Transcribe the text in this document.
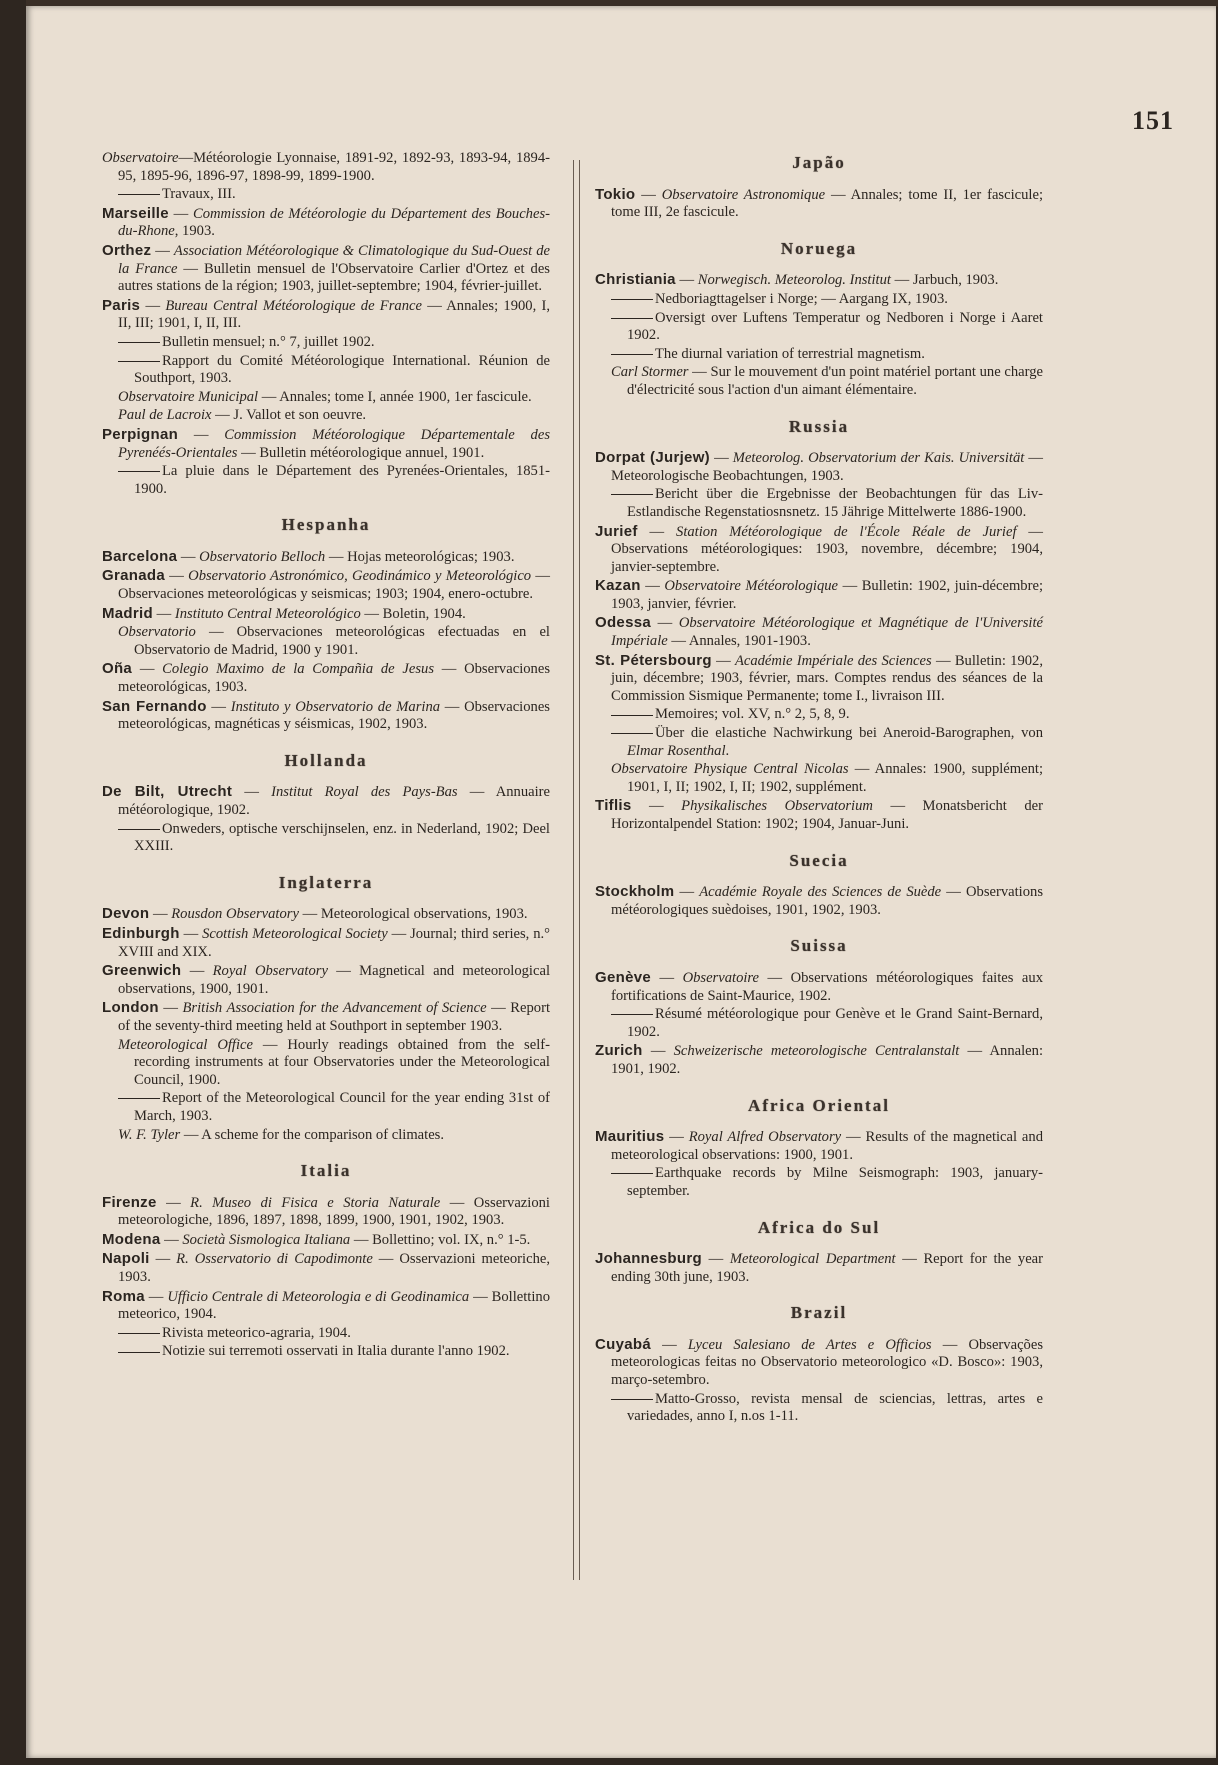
151

Observatoire—Météorologie Lyonnaise, 1891-92, 1892-93, 1893-94, 1894-95, 1895-96, 1896-97, 1898-99, 1899-1900.

Travaux, III.

Marseille — Commission de Météorologie du Département des Bouches-du-Rhone, 1903.

Orthez — Association Météorologique & Climatologique du Sud-Ouest de la France — Bulletin mensuel de l'Observatoire Carlier d'Ortez et des autres stations de la région; 1903, juillet-septembre; 1904, février-juillet.

Paris — Bureau Central Météorologique de France — Annales; 1900, I, II, III; 1901, I, II, III.

Bulletin mensuel; n.° 7, juillet 1902.

Rapport du Comité Météorologique International. Réunion de Southport, 1903.

Observatoire Municipal — Annales; tome I, année 1900, 1er fascicule.

Paul de Lacroix — J. Vallot et son oeuvre.

Perpignan — Commission Météorologique Départementale des Pyrenéés-Orientales — Bulletin météorologique annuel, 1901.

La pluie dans le Département des Pyrenées-Orientales, 1851-1900.

Hespanha

Barcelona — Observatorio Belloch — Hojas meteorológicas; 1903.

Granada — Observatorio Astronómico, Geodinámico y Meteorológico — Observaciones meteorológicas y seismicas; 1903; 1904, enero-octubre.

Madrid — Instituto Central Meteorológico — Boletin, 1904.

Observatorio — Observaciones meteorológicas efectuadas en el Observatorio de Madrid, 1900 y 1901.

Oña — Colegio Maximo de la Compañia de Jesus — Observaciones meteorológicas, 1903.

San Fernando — Instituto y Observatorio de Marina — Observaciones meteorológicas, magnéticas y séismicas, 1902, 1903.

Hollanda

De Bilt, Utrecht — Institut Royal des Pays-Bas — Annuaire météorologique, 1902.

Onweders, optische verschijnselen, enz. in Nederland, 1902; Deel XXIII.

Inglaterra

Devon — Rousdon Observatory — Meteorological observations, 1903.

Edinburgh — Scottish Meteorological Society — Journal; third series, n.° XVIII and XIX.

Greenwich — Royal Observatory — Magnetical and meteorological observations, 1900, 1901.

London — British Association for the Advancement of Science — Report of the seventy-third meeting held at Southport in september 1903.

Meteorological Office — Hourly readings obtained from the self-recording instruments at four Observatories under the Meteorological Council, 1900.

Report of the Meteorological Council for the year ending 31st of March, 1903.

W. F. Tyler — A scheme for the comparison of climates.

Italia

Firenze — R. Museo di Fisica e Storia Naturale — Osservazioni meteorologiche, 1896, 1897, 1898, 1899, 1900, 1901, 1902, 1903.

Modena — Società Sismologica Italiana — Bollettino; vol. IX, n.° 1-5.

Napoli — R. Osservatorio di Capodimonte — Osservazioni meteoriche, 1903.

Roma — Ufficio Centrale di Meteorologia e di Geodinamica — Bollettino meteorico, 1904.

Rivista meteorico-agraria, 1904.

Notizie sui terremoti osservati in Italia durante l'anno 1902.

Japão

Tokio — Observatoire Astronomique — Annales; tome II, 1er fascicule; tome III, 2e fascicule.

Noruega

Christiania — Norwegisch. Meteorolog. Institut — Jarbuch, 1903.

Nedboriagttagelser i Norge; — Aargang IX, 1903.

Oversigt over Luftens Temperatur og Nedboren i Norge i Aaret 1902.

The diurnal variation of terrestrial magnetism.

Carl Stormer — Sur le mouvement d'un point matériel portant une charge d'électricité sous l'action d'un aimant élémentaire.

Russia

Dorpat (Jurjew) — Meteorolog. Observatorium der Kais. Universität — Meteorologische Beobachtungen, 1903.

Bericht über die Ergebnisse der Beobachtungen für das Liv-Estlandische Regenstatiosnsnetz. 15 Jährige Mittelwerte 1886-1900.

Jurief — Station Météorologique de l'École Réale de Jurief — Observations météorologiques: 1903, novembre, décembre; 1904, janvier-septembre.

Kazan — Observatoire Météorologique — Bulletin: 1902, juin-décembre; 1903, janvier, février.

Odessa — Observatoire Météorologique et Magnétique de l'Université Impériale — Annales, 1901-1903.

St. Pétersbourg — Académie Impériale des Sciences — Bulletin: 1902, juin, décembre; 1903, février, mars. Comptes rendus des séances de la Commission Sismique Permanente; tome I., livraison III.

Memoires; vol. XV, n.° 2, 5, 8, 9.

Über die elastiche Nachwirkung bei Aneroid-Barographen, von Elmar Rosenthal.

Observatoire Physique Central Nicolas — Annales: 1900, supplément; 1901, I, II; 1902, I, II; 1902, supplément.

Tiflis — Physikalisches Observatorium — Monatsbericht der Horizontalpendel Station: 1902; 1904, Januar-Juni.

Suecia

Stockholm — Académie Royale des Sciences de Suède — Observations météorologiques suèdoises, 1901, 1902, 1903.

Suissa

Genève — Observatoire — Observations météorologiques faites aux fortifications de Saint-Maurice, 1902.

Résumé météorologique pour Genève et le Grand Saint-Bernard, 1902.

Zurich — Schweizerische meteorologische Centralanstalt — Annalen: 1901, 1902.

Africa Oriental

Mauritius — Royal Alfred Observatory — Results of the magnetical and meteorological observations: 1900, 1901.

Earthquake records by Milne Seismograph: 1903, january-september.

Africa do Sul

Johannesburg — Meteorological Department — Report for the year ending 30th june, 1903.

Brazil

Cuyabá — Lyceu Salesiano de Artes e Officios — Observações meteorologicas feitas no Observatorio meteorologico «D. Bosco»: 1903, março-setembro.

Matto-Grosso, revista mensal de sciencias, lettras, artes e variedades, anno I, n.os 1-11.
